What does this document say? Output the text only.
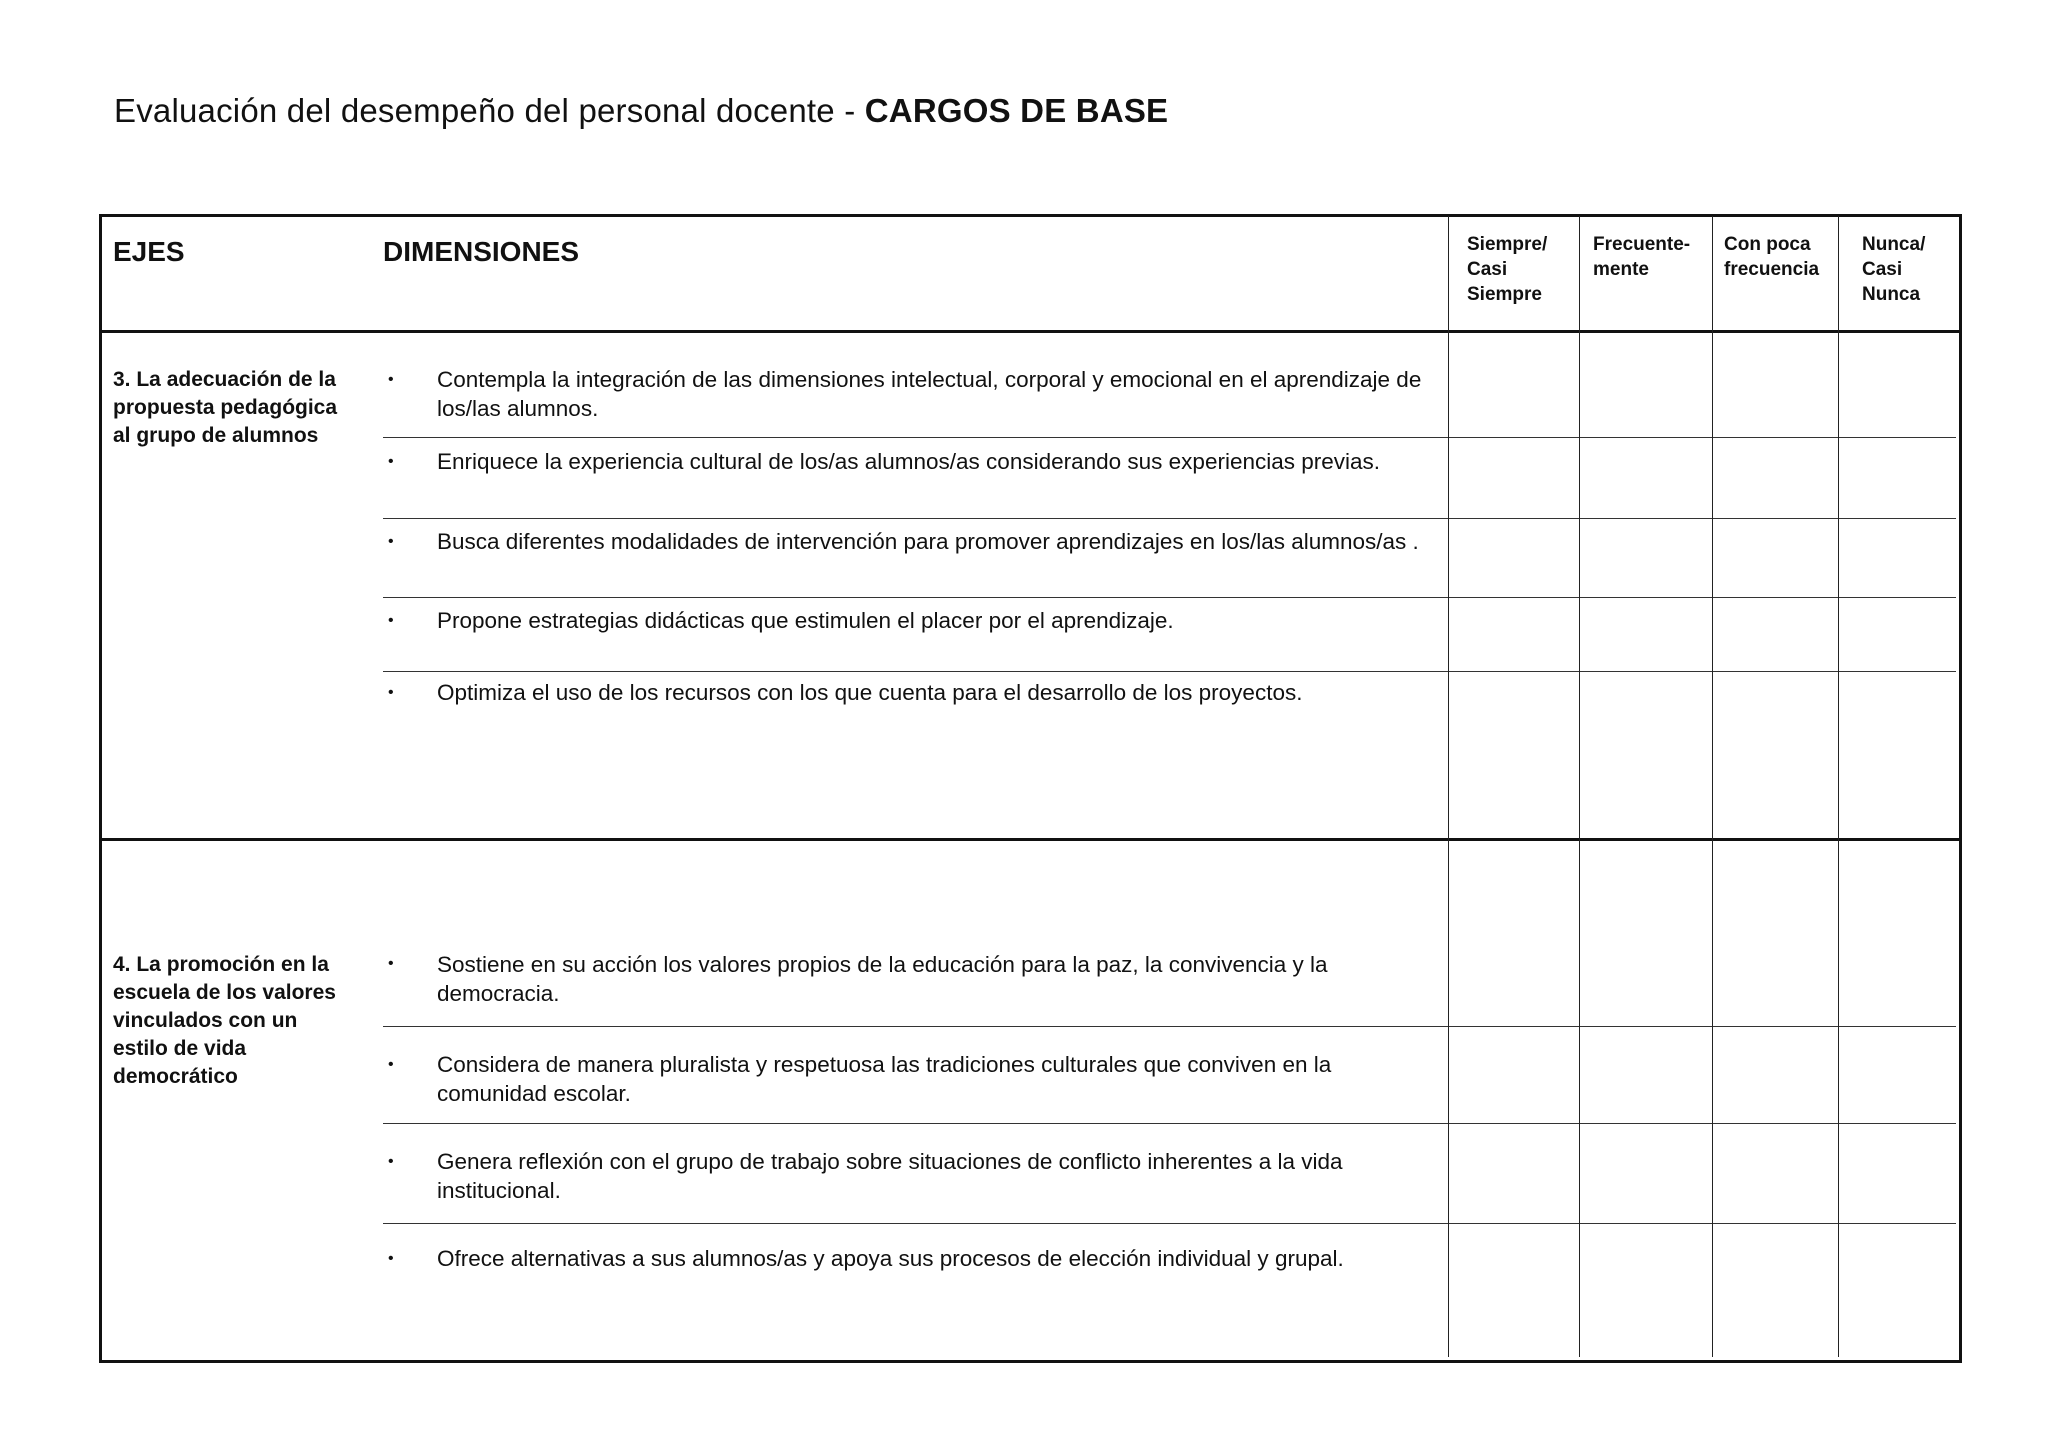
Evaluación del desempeño del personal docente - CARGOS DE BASE
EJES	DIMENSIONES	Siempre/
Casi
Siempre
Frecuente-
mente
Con poca
frecuencia
Nunca/
Casi
Nunca
3. La adecuación de la
propuesta pedagógica
al grupo de alumnos
• Contempla la integración de las dimensiones intelectual, corporal y emocional en el aprendizaje de los/las alumnos.
• Enriquece la experiencia cultural de los/as alumnos/as considerando sus experiencias previas.
• Busca diferentes modalidades de intervención para promover aprendizajes en los/las alumnos/as .
• Propone estrategias didácticas que estimulen el placer por el aprendizaje.
• Optimiza el uso de los recursos con los que cuenta para el desarrollo de los proyectos.
4. La promoción en la
escuela de los valores
vinculados con un
estilo de vida
democrático
• Sostiene en su acción los valores propios de la educación para la paz, la convivencia y la democracia.
• Considera de manera pluralista y respetuosa las tradiciones culturales que conviven en la comunidad escolar.
• Genera reflexión con el grupo de trabajo sobre situaciones de conflicto inherentes a la vida institucional.
• Ofrece alternativas a sus alumnos/as y apoya sus procesos de elección individual y grupal.
